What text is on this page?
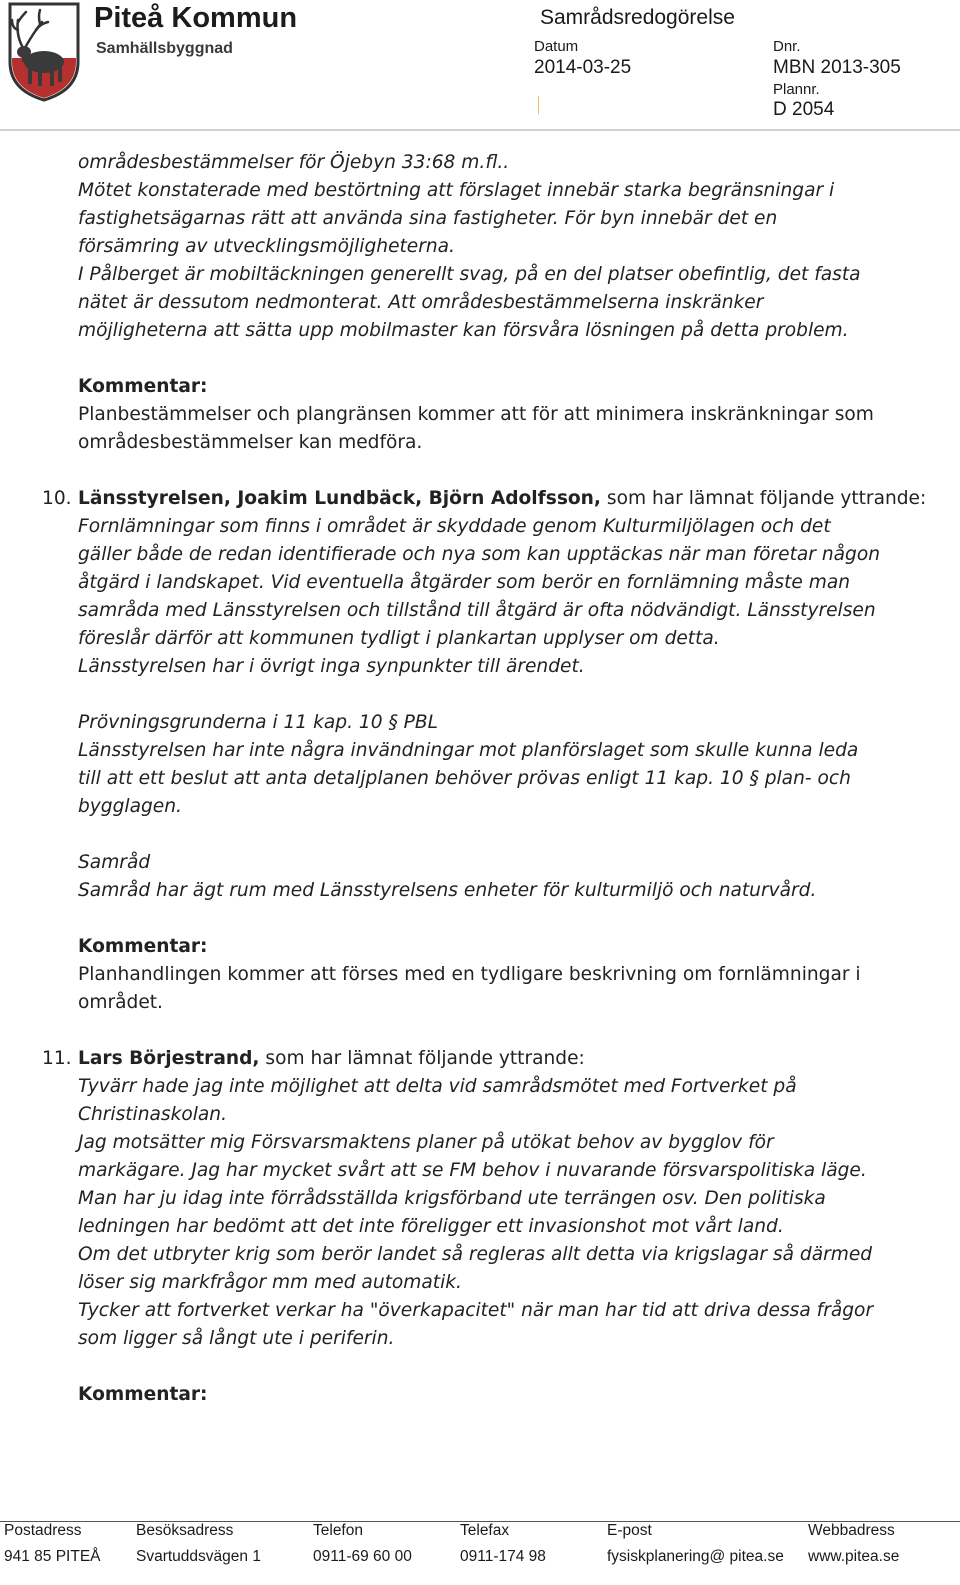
Piteå Kommun
Samhällsbyggnad
Samrådsredogörelse
Datum
2014-03-25
Dnr.
MBN 2013-305
Plannr.
D 2054

områdesbestämmelser för Öjebyn 33:68 m.fl..

Mötet konstaterade med bestörtning att förslaget innebär starka begränsningar i

fastighetsägarnas rätt att använda sina fastigheter. För byn innebär det en

försämring av utvecklingsmöjligheterna.

I Pålberget är mobiltäckningen generellt svag, på en del platser obefintlig, det fasta

nätet är dessutom nedmonterat. Att områdesbestämmelserna inskränker

möjligheterna att sätta upp mobilmaster kan försvåra lösningen på detta problem.

Kommentar:

Planbestämmelser och plangränsen kommer att för att minimera inskränkningar som

områdesbestämmelser kan medföra.

10. Länsstyrelsen, Joakim Lundbäck, Björn Adolfsson, som har lämnat följande yttrande:

Fornlämningar som finns i området är skyddade genom Kulturmiljölagen och det

gäller både de redan identifierade och nya som kan upptäckas när man företar någon

åtgärd i landskapet. Vid eventuella åtgärder som berör en fornlämning måste man

samråda med Länsstyrelsen och tillstånd till åtgärd är ofta nödvändigt. Länsstyrelsen

föreslår därför att kommunen tydligt i plankartan upplyser om detta.

Länsstyrelsen har i övrigt inga synpunkter till ärendet.

Prövningsgrunderna i 11 kap. 10 § PBL

Länsstyrelsen har inte några invändningar mot planförslaget som skulle kunna leda

till att ett beslut att anta detaljplanen behöver prövas enligt 11 kap. 10 § plan- och

bygglagen.

Samråd

Samråd har ägt rum med Länsstyrelsens enheter för kulturmiljö och naturvård.

Kommentar:

Planhandlingen kommer att förses med en tydligare beskrivning om fornlämningar i

området.

11. Lars Börjestrand, som har lämnat följande yttrande:

Tyvärr hade jag inte möjlighet att delta vid samrådsmötet med Fortverket på

Christinaskolan.

Jag motsätter mig Försvarsmaktens planer på utökat behov av bygglov för

markägare. Jag har mycket svårt att se FM behov i nuvarande försvarspolitiska läge.

Man har ju idag inte förrådsställda krigsförband ute terrängen osv. Den politiska

ledningen har bedömt att det inte föreligger ett invasionshot mot vårt land.

Om det utbryter krig som berör landet så regleras allt detta via krigslagar så därmed

löser sig markfrågor mm med automatik.

Tycker att fortverket verkar ha "överkapacitet" när man har tid att driva dessa frågor

som ligger så långt ute i periferin.

Kommentar:

Postadress
941 85 PITEÅ
Besöksadress
Svartuddsvägen 1
Telefon
0911-69 60 00
Telefax
0911-174 98
E-post
fysiskplanering@ pitea.se
Webbadress
www.pitea.se
